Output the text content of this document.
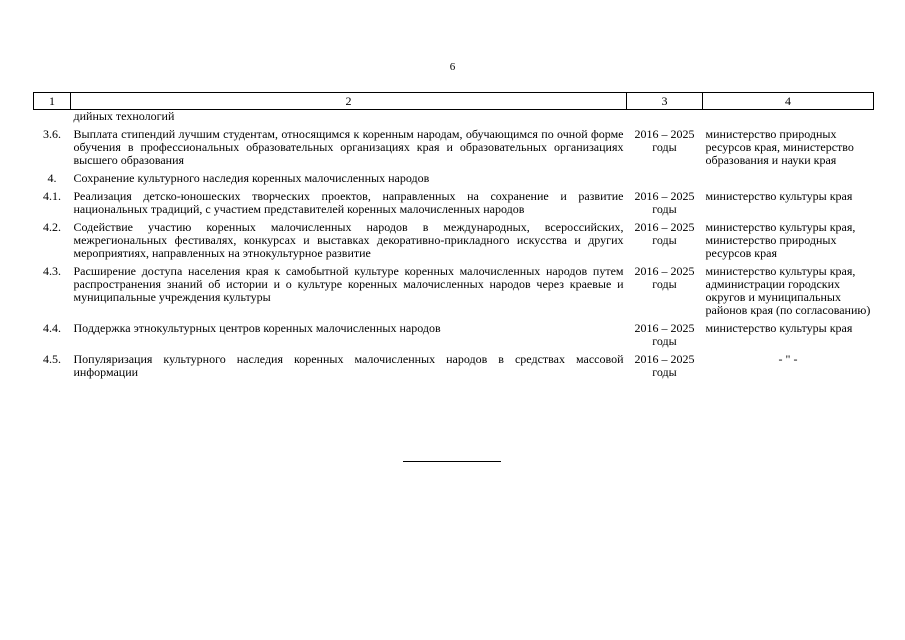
6
1	2	3	4
	дийных технологий		
3.6.	Выплата стипендий лучшим студентам, относящимся к коренным народам, обучающимся по очной форме обучения в профессиональных образовательных организациях края и образовательных организациях высшего образования	2016 – 2025 годы	министерство природных ресурсов края, министерство образования и науки края
4.	Сохранение культурного наследия коренных малочисленных народов		
4.1.	Реализация детско-юношеских творческих проектов, направленных на сохранение и развитие национальных традиций, с участием представителей коренных малочисленных народов	2016 – 2025 годы	министерство культуры края
4.2.	Содействие участию коренных малочисленных народов в международных, всероссийских, межрегиональных фестивалях, конкурсах и выставках декоративно-прикладного искусства и других мероприятиях, направленных на этнокультурное развитие	2016 – 2025 годы	министерство культуры края, министерство природных ресурсов края
4.3.	Расширение доступа населения края к самобытной культуре коренных малочисленных народов путем распространения знаний об истории и о культуре коренных малочисленных народов через краевые и муниципальные учреждения культуры	2016 – 2025 годы	министерство культуры края, администрации городских округов и муниципальных районов края (по согласованию)
4.4.	Поддержка этнокультурных центров коренных малочисленных народов	2016 – 2025 годы	министерство культуры края
4.5.	Популяризация культурного наследия коренных малочисленных народов в средствах массовой информации	2016 – 2025 годы	- " -
